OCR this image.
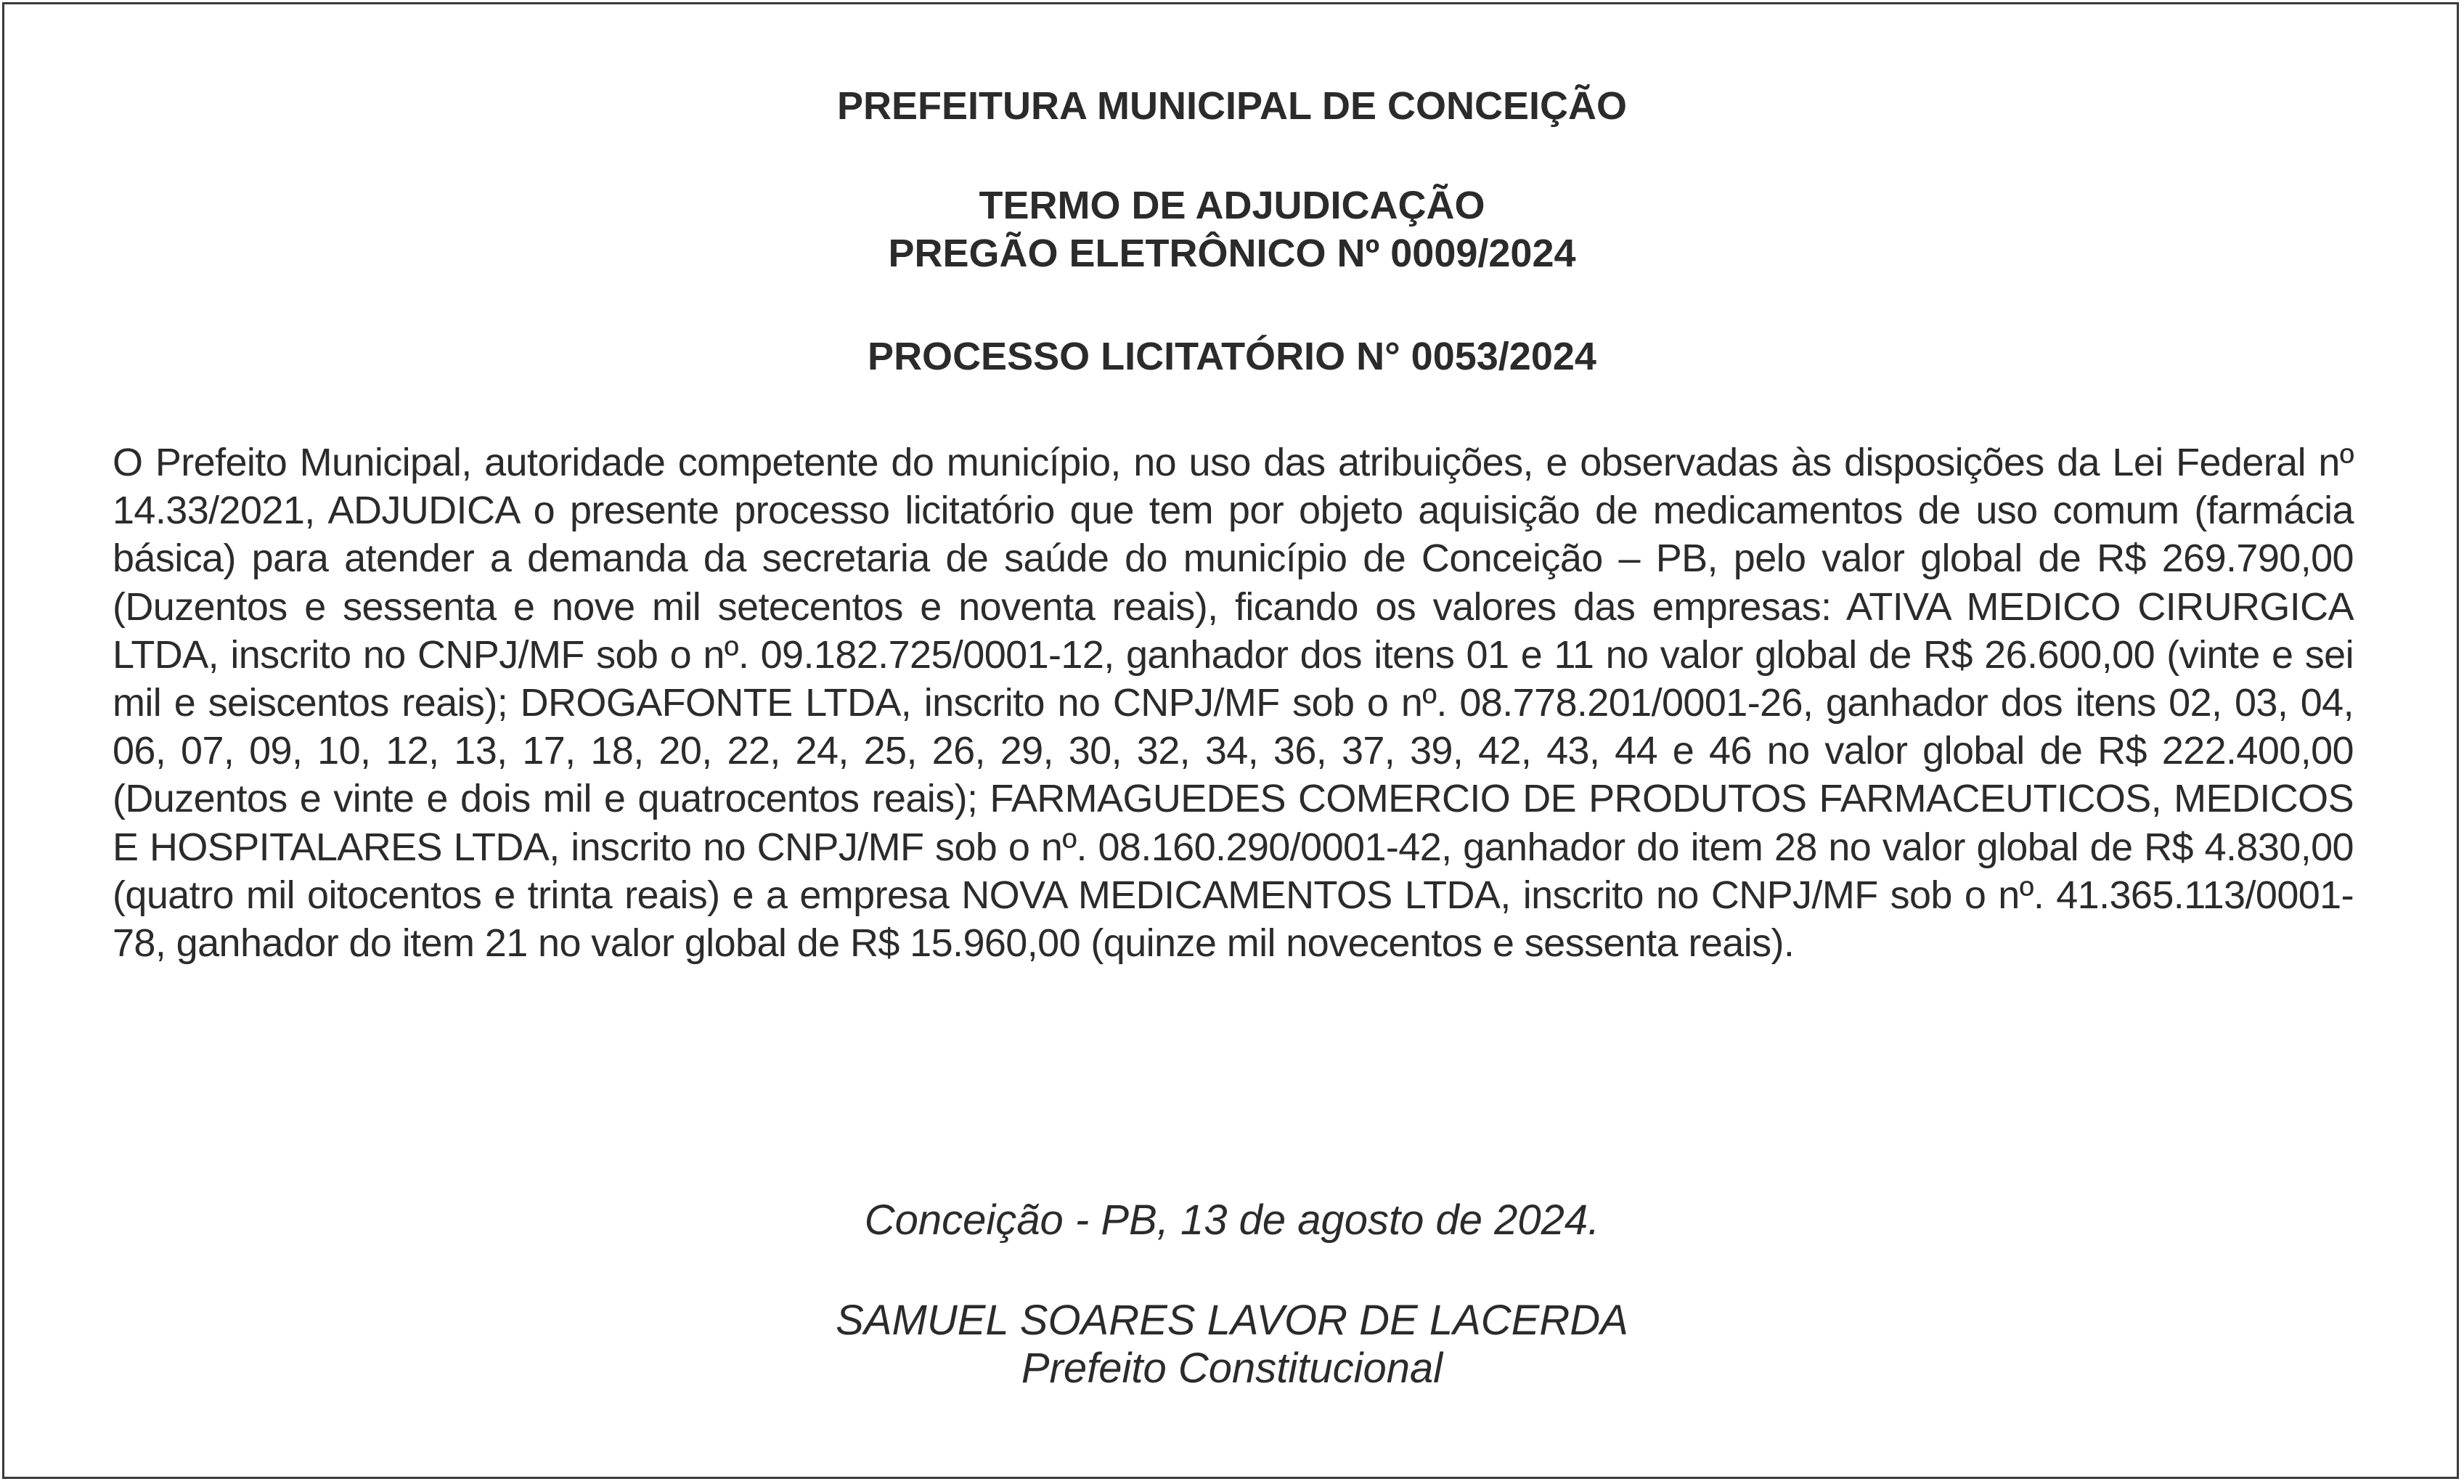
PREFEITURA MUNICIPAL DE CONCEIÇÃO

TERMO DE ADJUDICAÇÃO

PREGÃO ELETRÔNICO Nº 0009/2024

PROCESSO LICITATÓRIO N° 0053/2024

O Prefeito Municipal, autoridade competente do município, no uso das atribuições, e observadas às disposições da Lei Federal nº 14.33/2021, ADJUDICA o presente processo licitatório que tem por objeto aquisição de medicamentos de uso comum (farmácia básica) para atender a demanda da secretaria de saúde do município de Conceição – PB, pelo valor global de R$ 269.790,00 (Duzentos e sessenta e nove mil setecentos e noventa reais), ficando os valores das empresas: ATIVA MEDICO CIRURGICA LTDA, inscrito no CNPJ/MF sob o nº. 09.182.725/0001-12, ganhador dos itens 01 e 11 no valor global de R$ 26.600,00 (vinte e sei mil e seiscentos reais); DROGAFONTE LTDA, inscrito no CNPJ/MF sob o nº. 08.778.201/0001-26, ganhador dos itens 02, 03, 04, 06, 07, 09, 10, 12, 13, 17, 18, 20, 22, 24, 25, 26, 29, 30, 32, 34, 36, 37, 39, 42, 43, 44 e 46 no valor global de R$ 222.400,00 (Duzentos e vinte e dois mil e quatrocentos reais); FARMAGUEDES COMERCIO DE PRODUTOS FARMACEUTICOS, MEDICOS E HOSPITALARES LTDA, inscrito no CNPJ/MF sob o nº. 08.160.290/0001-42, ganhador do item 28 no valor global de R$ 4.830,00 (quatro mil oitocentos e trinta reais) e a empresa NOVA MEDICAMENTOS LTDA, inscrito no CNPJ/MF sob o nº. 41.365.113/0001-78, ganhador do item 21 no valor global de R$ 15.960,00 (quinze mil novecentos e sessenta reais).

Conceição - PB, 13 de agosto de 2024.

SAMUEL SOARES LAVOR DE LACERDA

Prefeito Constitucional
